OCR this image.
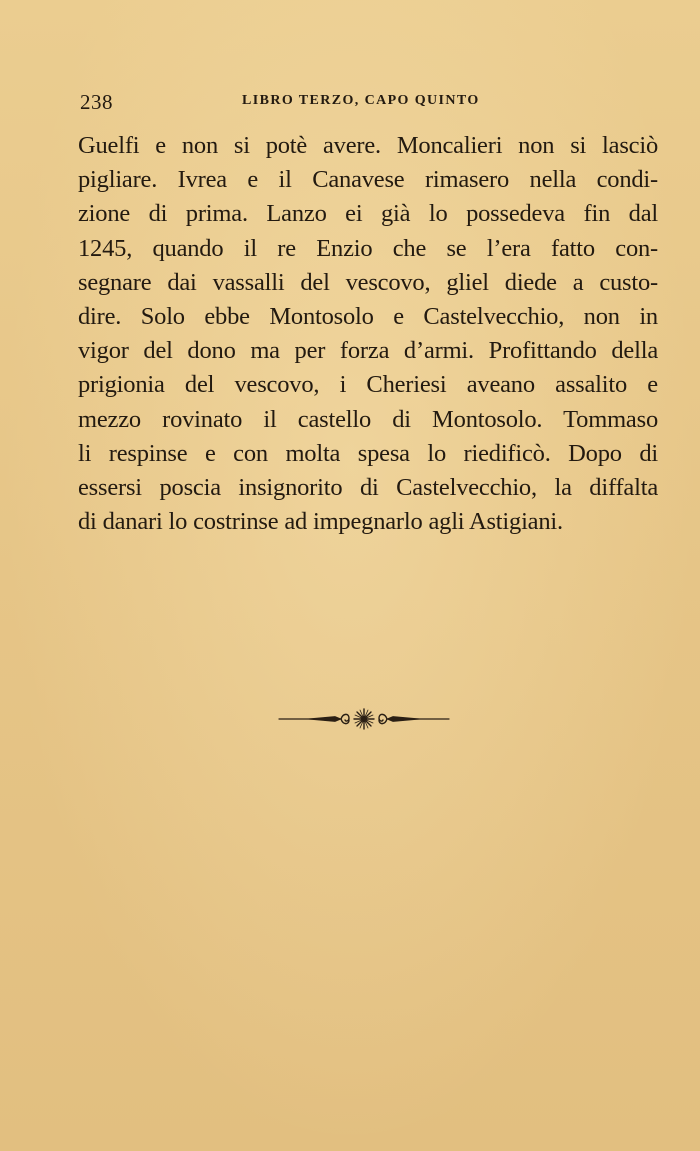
238	LIBRO TERZO, CAPO QUINTO
Guelfi e non si potè avere. Moncalieri non si lasciò
pigliare. Ivrea e il Canavese rimasero nella condi-
zione di prima. Lanzo ei già lo possedeva fin dal
1245, quando il re Enzio che se l’era fatto con-
segnare dai vassalli del vescovo, gliel diede a custo-
dire. Solo ebbe Montosolo e Castelvecchio, non in
vigor del dono ma per forza d’armi. Profittando della
prigionia del vescovo, i Cheriesi aveano assalito e
mezzo rovinato il castello di Montosolo. Tommaso
li respinse e con molta spesa lo riedificò. Dopo di
essersi poscia insignorito di Castelvecchio, la diffalta
di danari lo costrinse ad impegnarlo agli Astigiani.
